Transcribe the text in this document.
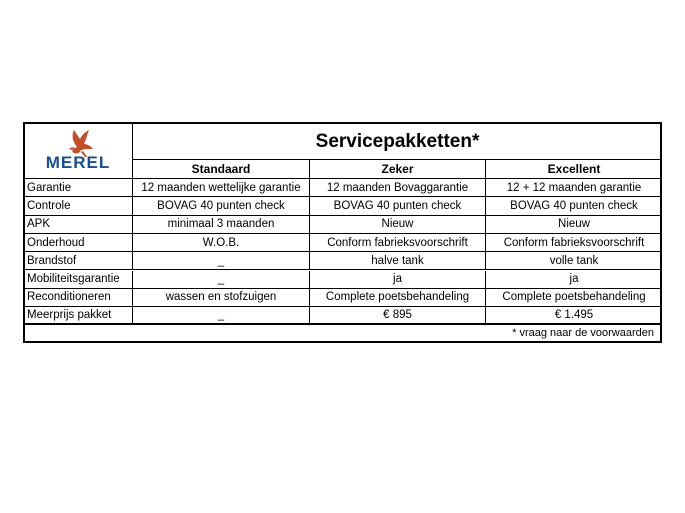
MEREL
Servicepakketten*
Standaard	Zeker	Excellent
Garantie	12 maanden wettelijke garantie	12 maanden Bovaggarantie	12 + 12 maanden garantie
Controle	BOVAG 40 punten check	BOVAG 40 punten check	BOVAG 40 punten check
APK	minimaal 3 maanden	Nieuw	Nieuw
Onderhoud	W.O.B.	Conform fabrieksvoorschrift	Conform fabrieksvoorschrift
Brandstof	_	halve tank	volle tank
Mobiliteitsgarantie	_	ja	ja
Reconditioneren	wassen en stofzuigen	Complete poetsbehandeling	Complete poetsbehandeling
Meerprijs pakket	_	€ 895	€ 1.495
* vraag naar de voorwaarden
